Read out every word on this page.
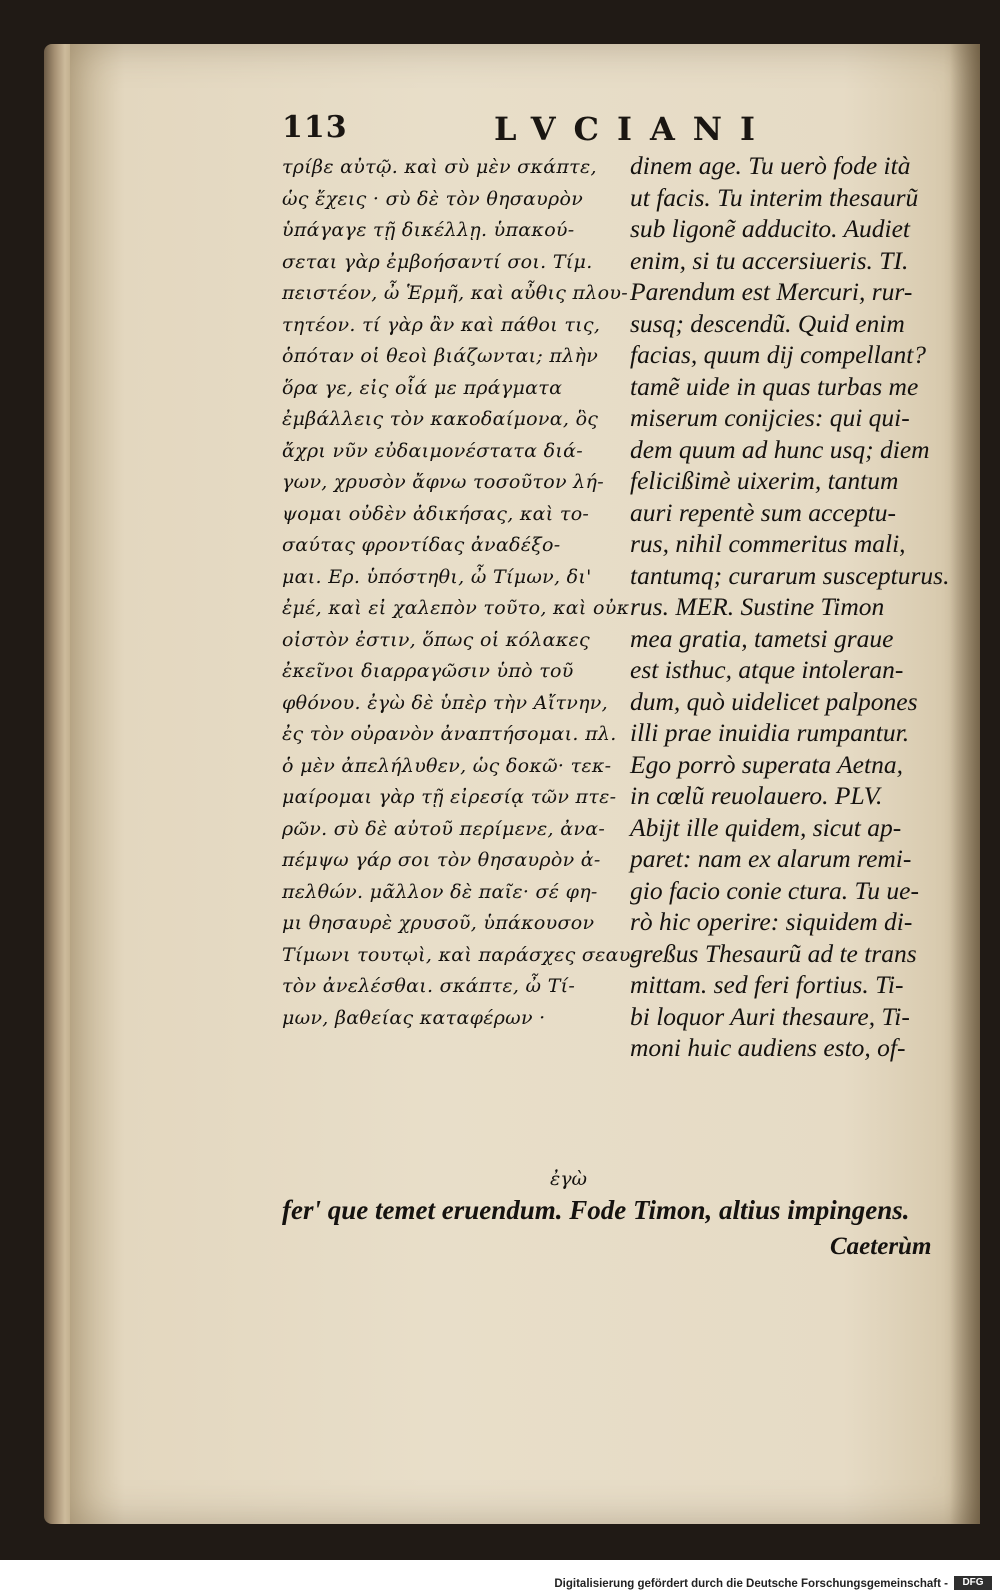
113	LVCIANI
τρίβε αὐτῷ. καὶ σὺ μὲν σκάπτε,
ὡς ἔχεις · σὺ δὲ τὸν θησαυρὸν
ὑπάγαγε τῇ δικέλλῃ. ὑπακού-
σεται γὰρ ἐμβοήσαντί σοι. Τίμ.
πειστέον, ὦ Ἑρμῆ, καὶ αὖθις πλου-
τητέον. τί γὰρ ἂν καὶ πάθοι τις,
ὁπόταν οἱ θεοὶ βιάζωνται; πλὴν
ὅρα γε, εἰς οἷά με πράγματα
ἐμβάλλεις τὸν κακοδαίμονα, ὃς
ἄχρι νῦν εὐδαιμονέστατα διά-
γων, χρυσὸν ἄφνω τοσοῦτον λή-
ψομαι οὐδὲν ἀδικήσας, καὶ το-
σαύτας φροντίδας ἀναδέξο-
μαι. Ερ. ὑπόστηθι, ὦ Τίμων, δι'
ἐμέ, καὶ εἰ χαλεπὸν τοῦτο, καὶ οὐκ
οἰστὸν ἐστιν, ὅπως οἱ κόλακες
ἐκεῖνοι διαρραγῶσιν ὑπὸ τοῦ
φθόνου. ἐγὼ δὲ ὑπὲρ τὴν Αἴτνην,
ἐς τὸν οὐρανὸν ἀναπτήσομαι. πλ.
ὁ μὲν ἀπελήλυθεν, ὡς δοκῶ· τεκ-
μαίρομαι γὰρ τῇ εἰρεσίᾳ τῶν πτε-
ρῶν. σὺ δὲ αὐτοῦ περίμενε, ἀνα-
πέμψω γάρ σοι τὸν θησαυρὸν ἀ-
πελθών. μᾶλλον δὲ παῖε· σέ φη-
μι θησαυρὲ χρυσοῦ, ὑπάκουσον
Τίμωνι τουτῳὶ, καὶ παράσχες σεαυ-
τὸν ἀνελέσθαι. σκάπτε, ὦ Τί-
μων, βαθείας καταφέρων ·
ἐγὼ
dinem age. Tu uerò fode ità
ut facis. Tu interim thesaurũ
sub ligonẽ adducito. Audiet
enim, si tu accersiueris. TI.
Parendum est Mercuri, rur-
susq; descendũ. Quid enim
facias, quum dij compellant?
tamẽ uide in quas turbas me
miserum conijcies: qui qui-
dem quum ad hunc usq; diem
felicißimè uixerim, tantum
auri repentè sum acceptu-
rus, nihil commeritus mali,
tantumq; curarum suscepturus.
rus. MER. Sustine Timon
mea gratia, tametsi graue
est isthuc, atque intoleran-
dum, quò uidelicet palpones
illi prae inuidia rumpantur.
Ego porrò superata Aetna,
in cœlũ reuolauero. PLV.
Abijt ille quidem, sicut ap-
paret: nam ex alarum remi-
gio facio conie ctura. Tu ue-
rò hic operire: siquidem di-
greßus Thesaurũ ad te trans
mittam. sed feri fortius. Ti-
bi loquor Auri thesaure, Ti-
moni huic audiens esto, of-
fer' que temet eruendum. Fode Timon, altius impingens.
Caeterùm
Digitalisierung gefördert durch die Deutsche Forschungsgemeinschaft -	DFG
